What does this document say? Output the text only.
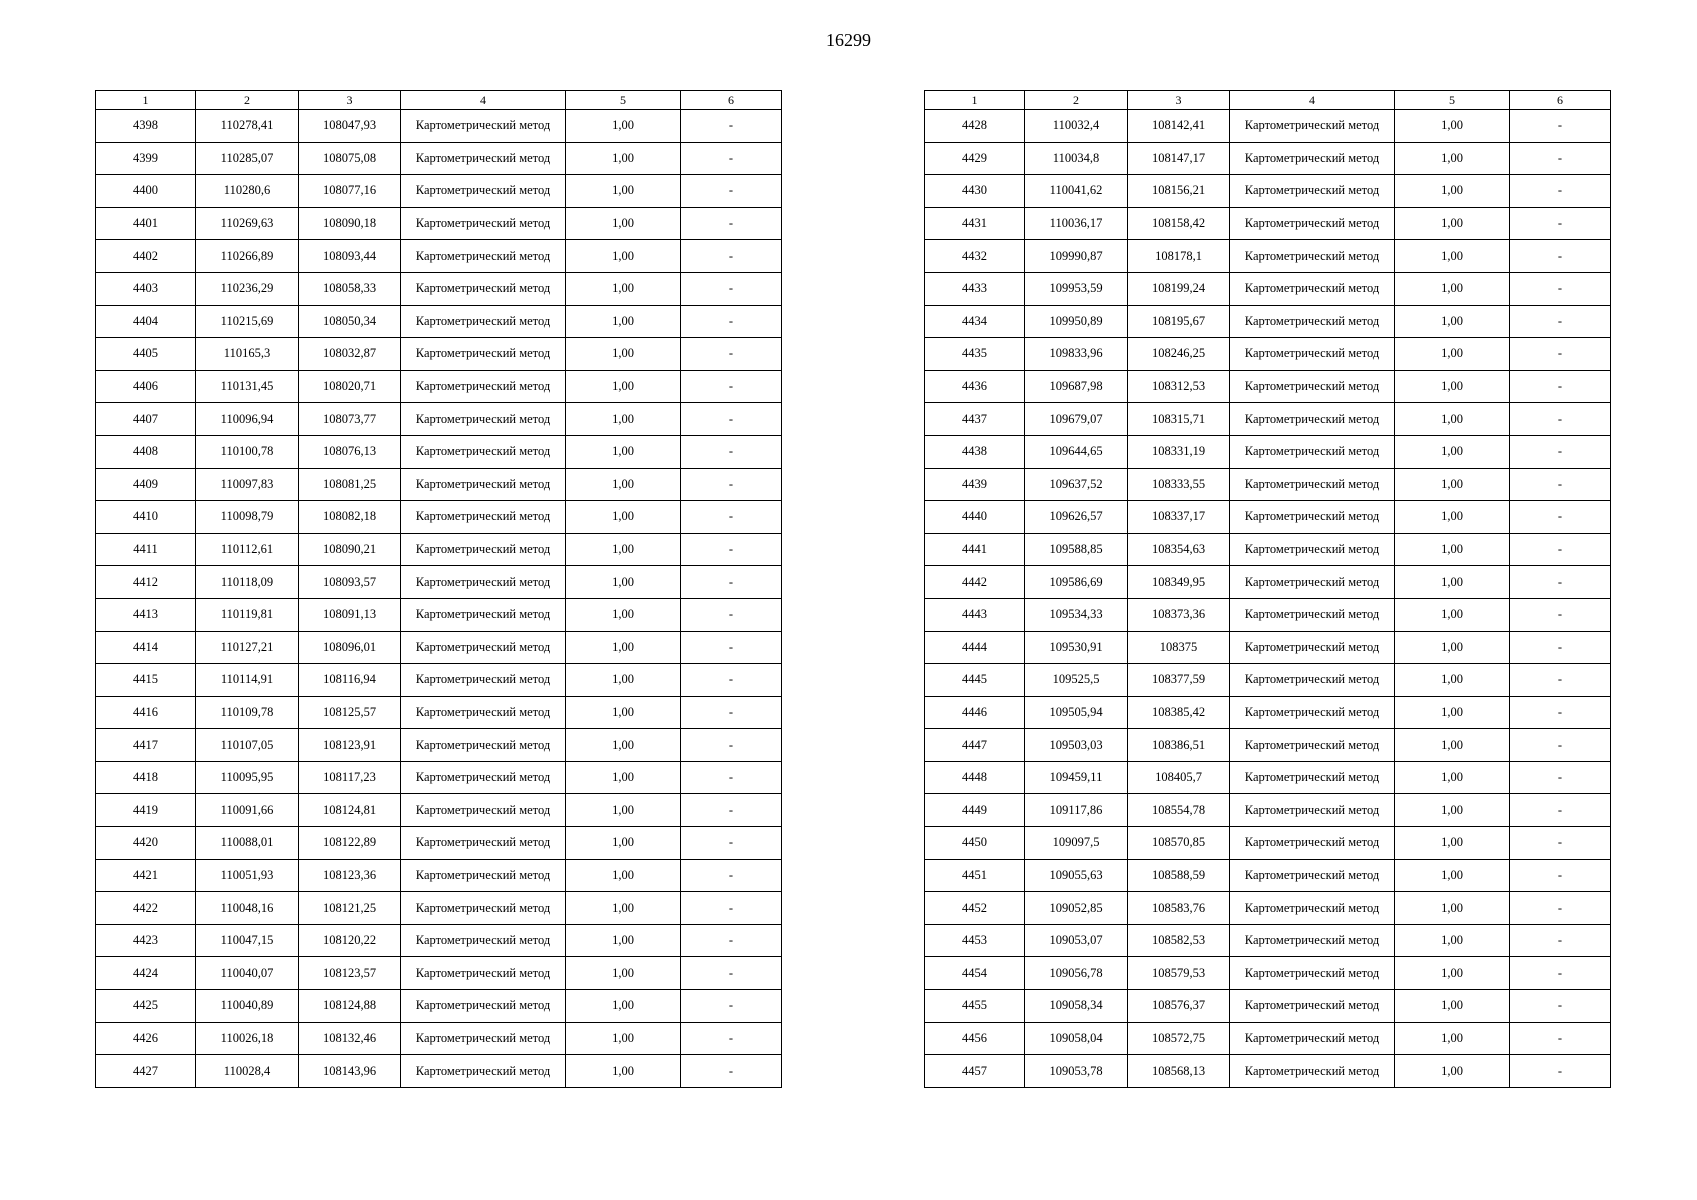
16299
1	2	3	4	5	6
4398	110278,41	108047,93	Картометрический метод	1,00	-
4399	110285,07	108075,08	Картометрический метод	1,00	-
4400	110280,6	108077,16	Картометрический метод	1,00	-
4401	110269,63	108090,18	Картометрический метод	1,00	-
4402	110266,89	108093,44	Картометрический метод	1,00	-
4403	110236,29	108058,33	Картометрический метод	1,00	-
4404	110215,69	108050,34	Картометрический метод	1,00	-
4405	110165,3	108032,87	Картометрический метод	1,00	-
4406	110131,45	108020,71	Картометрический метод	1,00	-
4407	110096,94	108073,77	Картометрический метод	1,00	-
4408	110100,78	108076,13	Картометрический метод	1,00	-
4409	110097,83	108081,25	Картометрический метод	1,00	-
4410	110098,79	108082,18	Картометрический метод	1,00	-
4411	110112,61	108090,21	Картометрический метод	1,00	-
4412	110118,09	108093,57	Картометрический метод	1,00	-
4413	110119,81	108091,13	Картометрический метод	1,00	-
4414	110127,21	108096,01	Картометрический метод	1,00	-
4415	110114,91	108116,94	Картометрический метод	1,00	-
4416	110109,78	108125,57	Картометрический метод	1,00	-
4417	110107,05	108123,91	Картометрический метод	1,00	-
4418	110095,95	108117,23	Картометрический метод	1,00	-
4419	110091,66	108124,81	Картометрический метод	1,00	-
4420	110088,01	108122,89	Картометрический метод	1,00	-
4421	110051,93	108123,36	Картометрический метод	1,00	-
4422	110048,16	108121,25	Картометрический метод	1,00	-
4423	110047,15	108120,22	Картометрический метод	1,00	-
4424	110040,07	108123,57	Картометрический метод	1,00	-
4425	110040,89	108124,88	Картометрический метод	1,00	-
4426	110026,18	108132,46	Картометрический метод	1,00	-
4427	110028,4	108143,96	Картометрический метод	1,00	-
1	2	3	4	5	6
4428	110032,4	108142,41	Картометрический метод	1,00	-
4429	110034,8	108147,17	Картометрический метод	1,00	-
4430	110041,62	108156,21	Картометрический метод	1,00	-
4431	110036,17	108158,42	Картометрический метод	1,00	-
4432	109990,87	108178,1	Картометрический метод	1,00	-
4433	109953,59	108199,24	Картометрический метод	1,00	-
4434	109950,89	108195,67	Картометрический метод	1,00	-
4435	109833,96	108246,25	Картометрический метод	1,00	-
4436	109687,98	108312,53	Картометрический метод	1,00	-
4437	109679,07	108315,71	Картометрический метод	1,00	-
4438	109644,65	108331,19	Картометрический метод	1,00	-
4439	109637,52	108333,55	Картометрический метод	1,00	-
4440	109626,57	108337,17	Картометрический метод	1,00	-
4441	109588,85	108354,63	Картометрический метод	1,00	-
4442	109586,69	108349,95	Картометрический метод	1,00	-
4443	109534,33	108373,36	Картометрический метод	1,00	-
4444	109530,91	108375	Картометрический метод	1,00	-
4445	109525,5	108377,59	Картометрический метод	1,00	-
4446	109505,94	108385,42	Картометрический метод	1,00	-
4447	109503,03	108386,51	Картометрический метод	1,00	-
4448	109459,11	108405,7	Картометрический метод	1,00	-
4449	109117,86	108554,78	Картометрический метод	1,00	-
4450	109097,5	108570,85	Картометрический метод	1,00	-
4451	109055,63	108588,59	Картометрический метод	1,00	-
4452	109052,85	108583,76	Картометрический метод	1,00	-
4453	109053,07	108582,53	Картометрический метод	1,00	-
4454	109056,78	108579,53	Картометрический метод	1,00	-
4455	109058,34	108576,37	Картометрический метод	1,00	-
4456	109058,04	108572,75	Картометрический метод	1,00	-
4457	109053,78	108568,13	Картометрический метод	1,00	-
